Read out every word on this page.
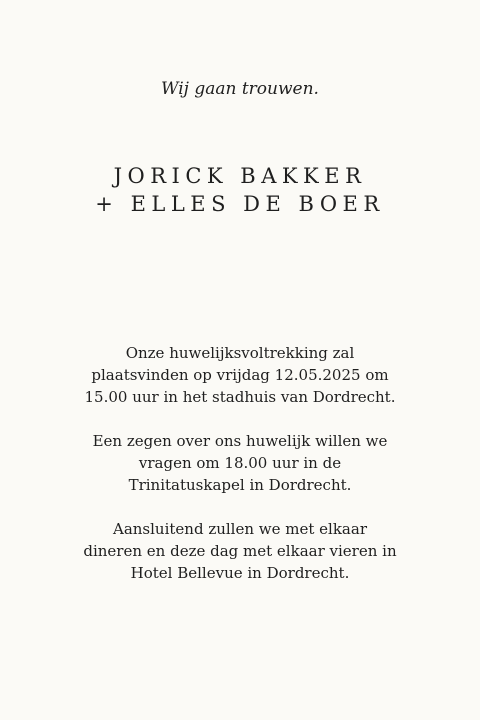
Wij gaan trouwen.
JORICK BAKKER
+ ELLES DE BOER

Onze huwelijksvoltrekking zal
plaatsvinden op vrijdag 12.05.2025 om
15.00 uur in het stadhuis van Dordrecht.

Een zegen over ons huwelijk willen we
vragen om 18.00 uur in de
Trinitatuskapel in Dordrecht.

Aansluitend zullen we met elkaar
dineren en deze dag met elkaar vieren in
Hotel Bellevue in Dordrecht.
